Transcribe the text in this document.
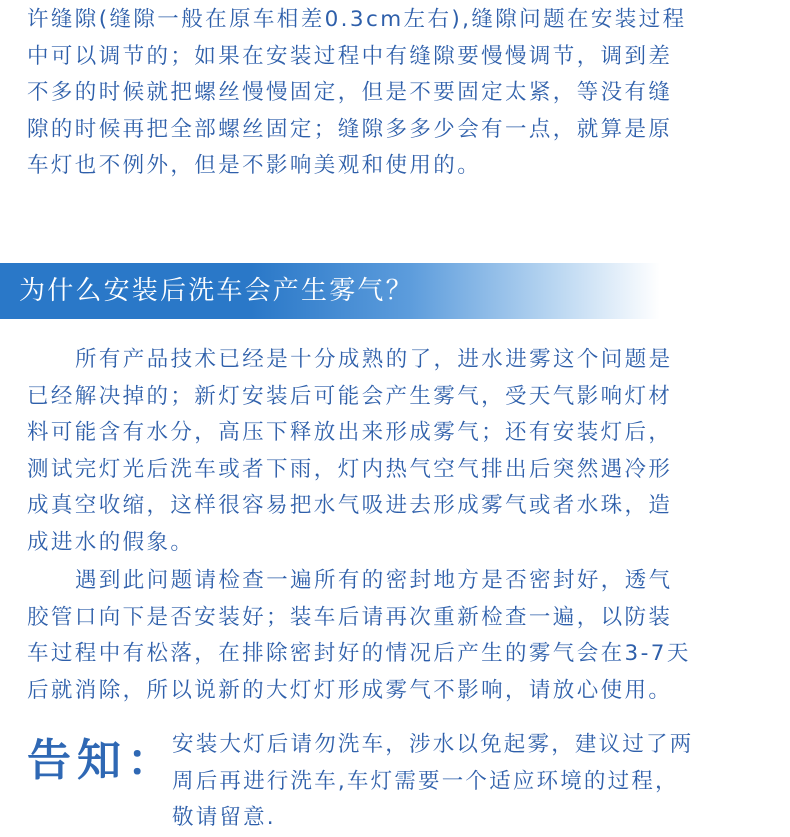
许缝隙(缝隙一般在原车相差0.3cm左右),缝隙问题在安装过程
中可以调节的；如果在安装过程中有缝隙要慢慢调节，调到差
不多的时候就把螺丝慢慢固定，但是不要固定太紧，等没有缝
隙的时候再把全部螺丝固定；缝隙多多少会有一点，就算是原
车灯也不例外，但是不影响美观和使用的。
为什么安装后洗车会产生雾气？
所有产品技术已经是十分成熟的了，进水进雾这个问题是
已经解决掉的；新灯安装后可能会产生雾气，受天气影响灯材
料可能含有水分，高压下释放出来形成雾气；还有安装灯后，
测试完灯光后洗车或者下雨，灯内热气空气排出后突然遇冷形
成真空收缩，这样很容易把水气吸进去形成雾气或者水珠，造
成进水的假象。
遇到此问题请检查一遍所有的密封地方是否密封好，透气
胶管口向下是否安装好；装车后请再次重新检查一遍，以防装
车过程中有松落，在排除密封好的情况后产生的雾气会在3-7天
后就消除，所以说新的大灯灯形成雾气不影响，请放心使用。
告知：
安装大灯后请勿洗车，涉水以免起雾，建议过了两
周后再进行洗车,车灯需要一个适应环境的过程，
敬请留意.
